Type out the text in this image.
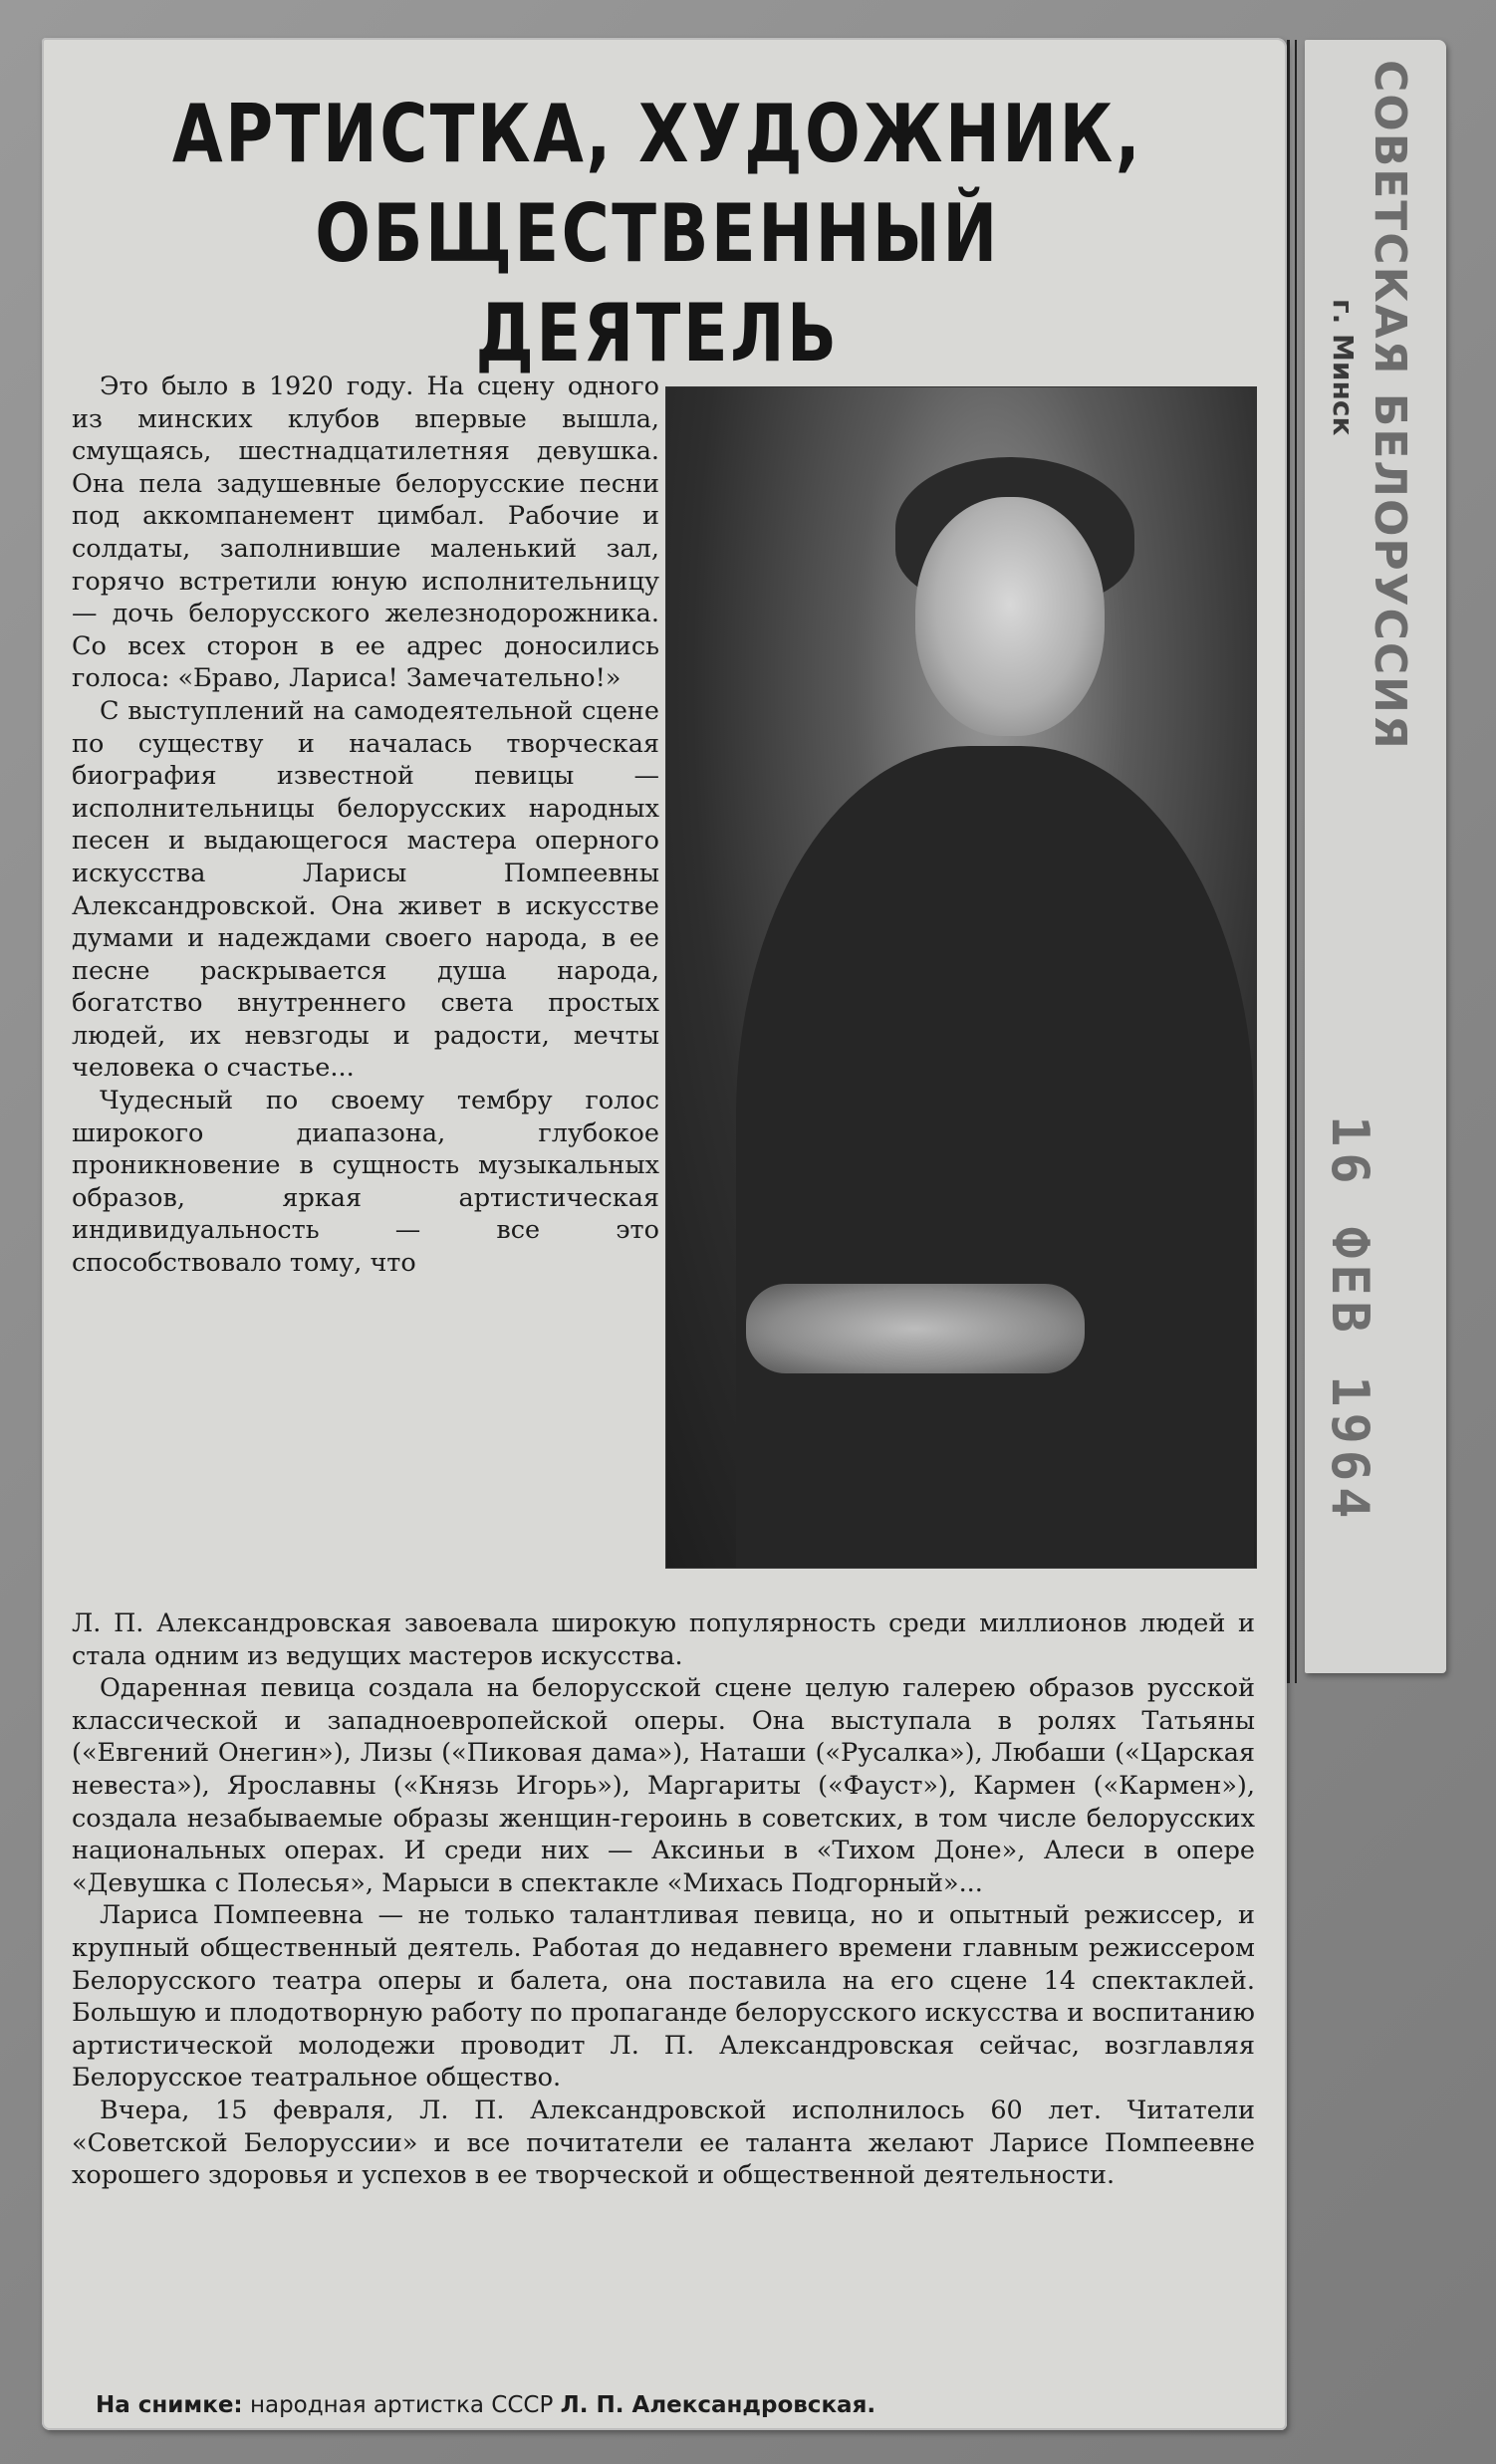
СОВЕТСКАЯ БЕЛОРУССИЯ
г. Минск
16 ФЕВ 1964
АРТИСТКА, ХУДОЖНИК,
ОБЩЕСТВЕННЫЙ ДЕЯТЕЛЬ

Это было в 1920 году. На сцену одного из минских клубов впервые вышла, смущаясь, шестнадцатилетняя девушка. Она пела задушевные белорусские песни под аккомпанемент цимбал. Рабочие и солдаты, заполнившие маленький зал, горячо встретили юную исполнительницу — дочь белорусского железнодорожника. Со всех сторон в ее адрес доносились голоса: «Браво, Лариса! Замечательно!»

С выступлений на самодеятельной сцене по существу и началась творческая биография известной певицы — исполнительницы белорусских народных песен и выдающегося мастера оперного искусства Ларисы Помпеевны Александровской. Она живет в искусстве думами и надеждами своего народа, в ее песне раскрывается душа народа, богатство внутреннего света простых людей, их невзгоды и радости, мечты человека о счастье...

Чудесный по своему тембру голос широкого диапазона, глубокое проникновение в сущность музыкальных образов, яркая артистическая индивидуальность — все это способствовало тому, что

Л. П. Александровская завоевала широкую популярность среди миллионов людей и стала одним из ведущих мастеров искусства.

Одаренная певица создала на белорусской сцене целую галерею образов русской классической и западноевропейской оперы. Она выступала в ролях Татьяны («Евгений Онегин»), Лизы («Пиковая дама»), Наташи («Русалка»), Любаши («Царская невеста»), Ярославны («Князь Игорь»), Маргариты («Фауст»), Кармен («Кармен»), создала незабываемые образы женщин-героинь в советских, в том числе белорусских национальных операх. И среди них — Аксиньи в «Тихом Доне», Алеси в опере «Девушка с Полесья», Марыси в спектакле «Михась Подгорный»...

Лариса Помпеевна — не только талантливая певица, но и опытный режиссер, и крупный общественный деятель. Работая до недавнего времени главным режиссером Белорусского театра оперы и балета, она поставила на его сцене 14 спектаклей. Большую и плодотворную работу по пропаганде белорусского искусства и воспитанию артистической молодежи проводит Л. П. Александровская сейчас, возглавляя Белорусское театральное общество.

Вчера, 15 февраля, Л. П. Александровской исполнилось 60 лет. Читатели «Советской Белоруссии» и все почитатели ее таланта желают Ларисе Помпеевне хорошего здоровья и успехов в ее творческой и общественной деятельности.

На снимке: народная артистка СССР Л. П. Александровская.
